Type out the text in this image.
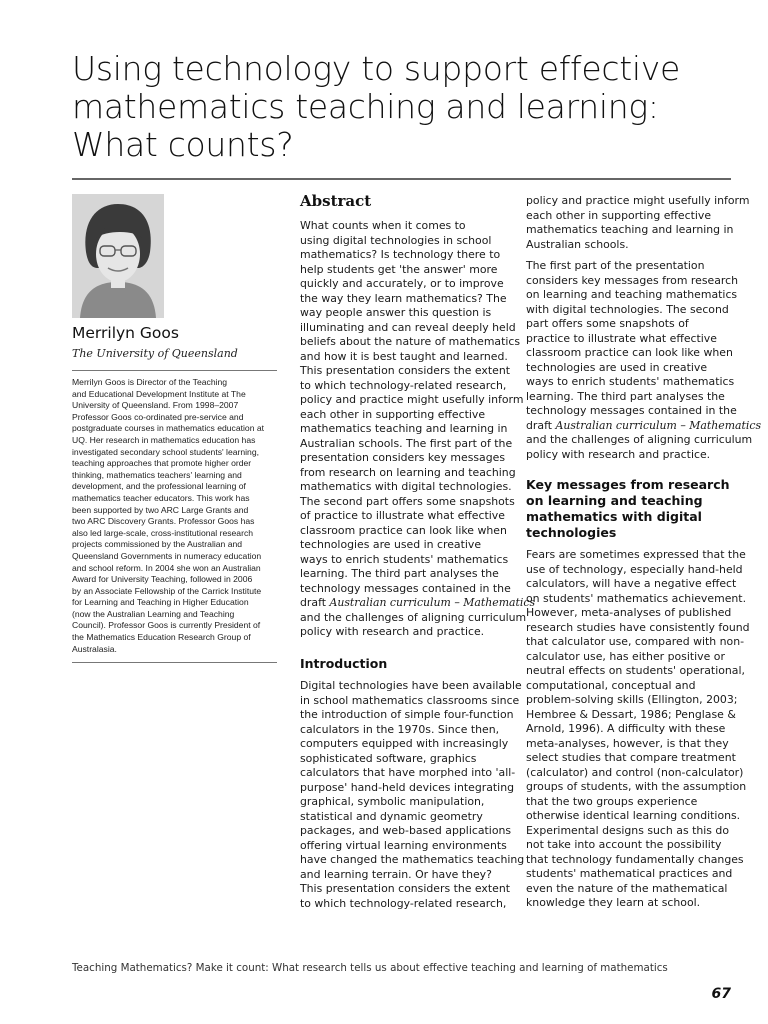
Using technology to support effective
mathematics teaching and learning:
What counts?
Merrilyn Goos
The University of Queensland
Merrilyn Goos is Director of the Teaching
and Educational Development Institute at The
University of Queensland. From 1998–2007
Professor Goos co-ordinated pre-service and
postgraduate courses in mathematics education at
UQ. Her research in mathematics education has
investigated secondary school students' learning,
teaching approaches that promote higher order
thinking, mathematics teachers' learning and
development, and the professional learning of
mathematics teacher educators. This work has
been supported by two ARC Large Grants and
two ARC Discovery Grants. Professor Goos has
also led large-scale, cross-institutional research
projects commissioned by the Australian and
Queensland Governments in numeracy education
and school reform. In 2004 she won an Australian
Award for University Teaching, followed in 2006
by an Associate Fellowship of the Carrick Institute
for Learning and Teaching in Higher Education
(now the Australian Learning and Teaching
Council). Professor Goos is currently President of
the Mathematics Education Research Group of
Australasia.
Abstract
What counts when it comes to
using digital technologies in school
mathematics? Is technology there to
help students get 'the answer' more
quickly and accurately, or to improve
the way they learn mathematics? The
way people answer this question is
illuminating and can reveal deeply held
beliefs about the nature of mathematics
and how it is best taught and learned.
This presentation considers the extent
to which technology-related research,
policy and practice might usefully inform
each other in supporting effective
mathematics teaching and learning in
Australian schools. The first part of the
presentation considers key messages
from research on learning and teaching
mathematics with digital technologies.
The second part offers some snapshots
of practice to illustrate what effective
classroom practice can look like when
technologies are used in creative
ways to enrich students' mathematics
learning. The third part analyses the
technology messages contained in the
draft Australian curriculum – Mathematics
and the challenges of aligning curriculum
policy with research and practice.
Introduction
Digital technologies have been available
in school mathematics classrooms since
the introduction of simple four-function
calculators in the 1970s. Since then,
computers equipped with increasingly
sophisticated software, graphics
calculators that have morphed into 'all-
purpose' hand-held devices integrating
graphical, symbolic manipulation,
statistical and dynamic geometry
packages, and web-based applications
offering virtual learning environments
have changed the mathematics teaching
and learning terrain. Or have they?
This presentation considers the extent
to which technology-related research,
policy and practice might usefully inform
each other in supporting effective
mathematics teaching and learning in
Australian schools.
The first part of the presentation
considers key messages from research
on learning and teaching mathematics
with digital technologies. The second
part offers some snapshots of
practice to illustrate what effective
classroom practice can look like when
technologies are used in creative
ways to enrich students' mathematics
learning. The third part analyses the
technology messages contained in the
draft Australian curriculum – Mathematics
and the challenges of aligning curriculum
policy with research and practice.
Key messages from research
on learning and teaching
mathematics with digital
technologies
Fears are sometimes expressed that the
use of technology, especially hand-held
calculators, will have a negative effect
on students' mathematics achievement.
However, meta-analyses of published
research studies have consistently found
that calculator use, compared with non-
calculator use, has either positive or
neutral effects on students' operational,
computational, conceptual and
problem-solving skills (Ellington, 2003;
Hembree & Dessart, 1986; Penglase &
Arnold, 1996). A difficulty with these
meta-analyses, however, is that they
select studies that compare treatment
(calculator) and control (non-calculator)
groups of students, with the assumption
that the two groups experience
otherwise identical learning conditions.
Experimental designs such as this do
not take into account the possibility
that technology fundamentally changes
students' mathematical practices and
even the nature of the mathematical
knowledge they learn at school.
Teaching Mathematics? Make it count: What research tells us about effective teaching and learning of mathematics
67
